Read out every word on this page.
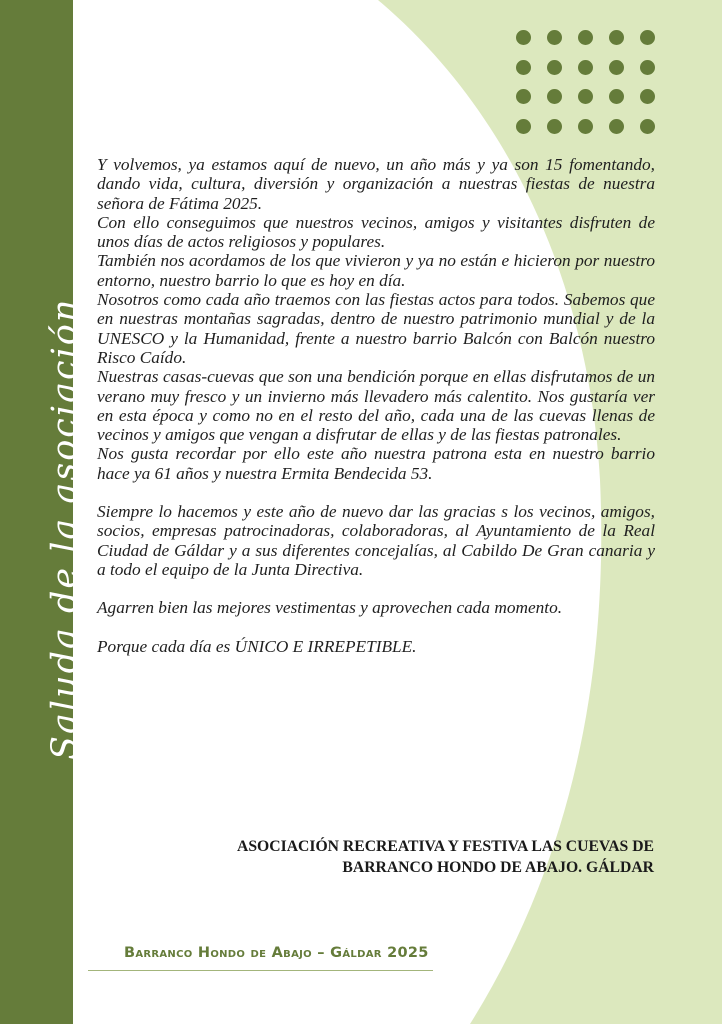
Saluda de la asociación

Y volvemos, ya estamos aquí de nuevo, un año más y ya son 15 fomentando, dando vida, cultura, diversión y organización a nuestras fiestas de nuestra señora de Fátima 2025.

Con ello conseguimos que nuestros vecinos, amigos y visitantes disfruten de unos días de actos religiosos y populares.

También nos acordamos de los que vivieron y ya no están e hicieron por nuestro entorno, nuestro barrio lo que es hoy en día.

Nosotros como cada año traemos con las fiestas actos para todos. Sabemos que en nuestras montañas sagradas, dentro de nuestro patrimonio mundial y de la UNESCO y la Humanidad, frente a nuestro barrio Balcón con Balcón nuestro Risco Caído.

Nuestras casas-cuevas que son una bendición porque en ellas disfrutamos de un verano muy fresco y un invierno más llevadero más calentito. Nos gustaría ver en esta época y como no en el resto del año, cada una de las cuevas llenas de vecinos y amigos que vengan a disfrutar de ellas y de las fiestas patronales.

Nos gusta recordar por ello este año nuestra patrona esta en nuestro barrio hace ya 61 años y nuestra Ermita Bendecida 53.

Siempre lo hacemos y este año de nuevo dar las gracias s los vecinos, amigos, socios, empresas patrocinadoras, colaboradoras, al Ayuntamiento de la Real Ciudad de Gáldar y a sus diferentes concejalías, al Cabildo De Gran canaria y a todo el equipo de la Junta Directiva.

Agarren bien las mejores vestimentas y aprovechen cada momento.

Porque cada día es ÚNICO E IRREPETIBLE.

ASOCIACIÓN RECREATIVA Y FESTIVA LAS CUEVAS DE
BARRANCO HONDO DE ABAJO. GÁLDAR
Barranco Hondo de Abajo – Gáldar 2025
